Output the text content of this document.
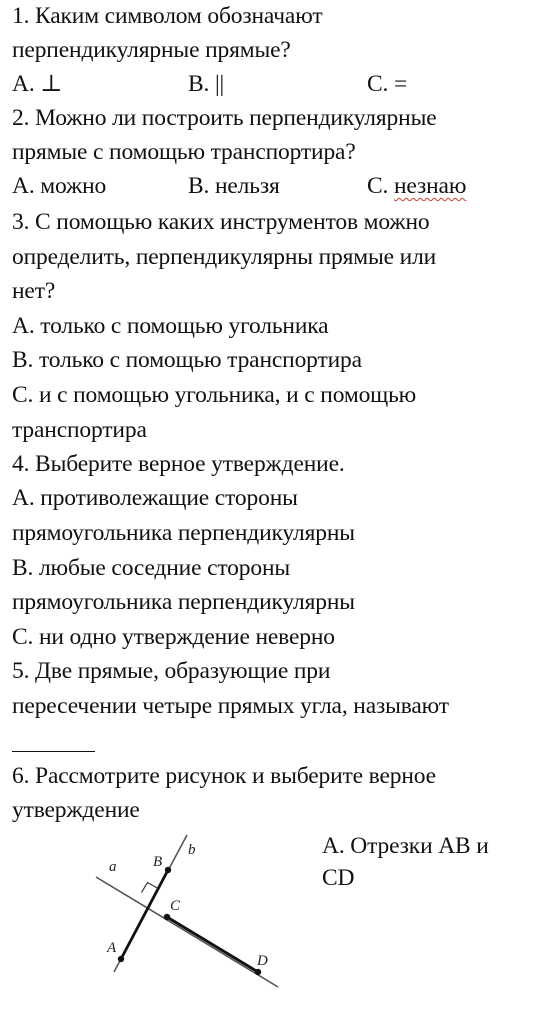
1. Каким символом обозначают
перпендикулярные прямые?
A. ⊥	B. ||	C. =
2. Можно ли построить перпендикулярные
прямые с помощью транспортира?
A. можно	B. нельзя	C. незнаю
3. С помощью каких инструментов можно
определить, перпендикулярны прямые или
нет?
A. только с помощью угольника
B. только с помощью транспортира
C. и с помощью угольника, и с помощью
транспортира
4. Выберите верное утверждение.
A. противолежащие стороны
прямоугольника перпендикулярны
B. любые соседние стороны
прямоугольника перпендикулярны
C. ни одно утверждение неверно
5. Две прямые, образующие при
пересечении четыре прямых угла, называют
6. Рассмотрите рисунок и выберите верное
утверждение
a
b
A
B
C
D
A. Отрезки AB и
CD
